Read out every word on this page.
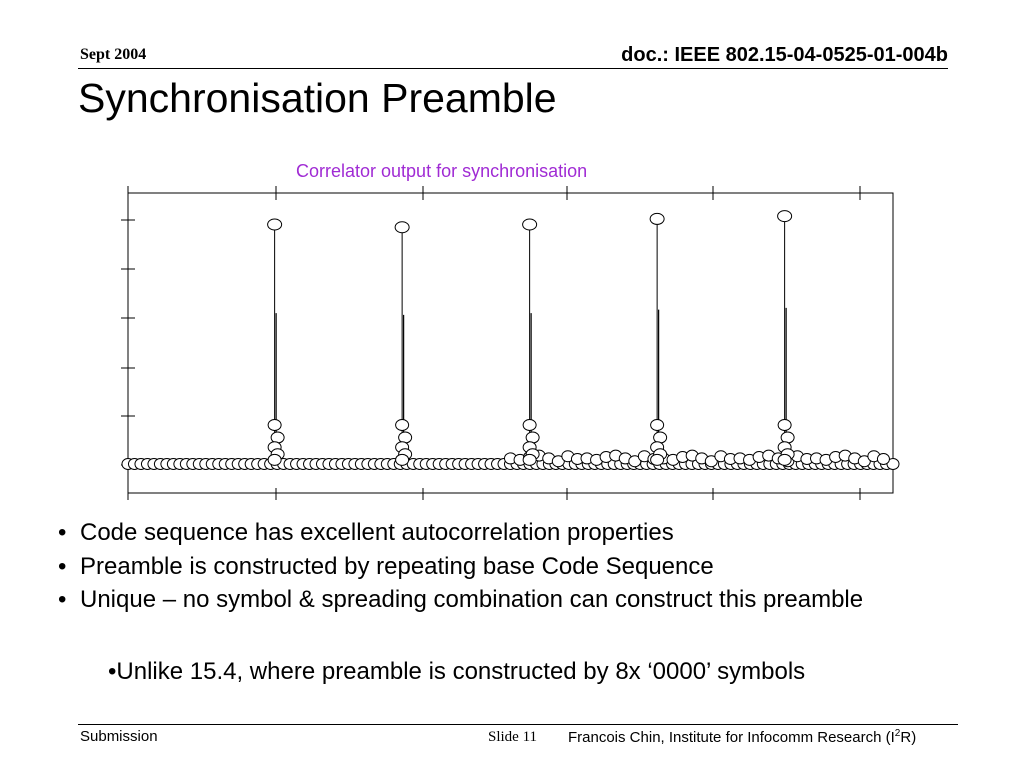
Sept 2004	doc.: IEEE 802.15-04-0525-01-004b
Synchronisation Preamble
Correlator output for synchronisation
• Code sequence has excellent autocorrelation properties
• Preamble is constructed by repeating base Code Sequence
• Unique – no symbol & spreading combination can construct this preamble
•Unlike 15.4, where preamble is constructed by 8x ‘0000’ symbols
Submission	Slide 11 Francois Chin, Institute for Infocomm Research $(I^2R)$
